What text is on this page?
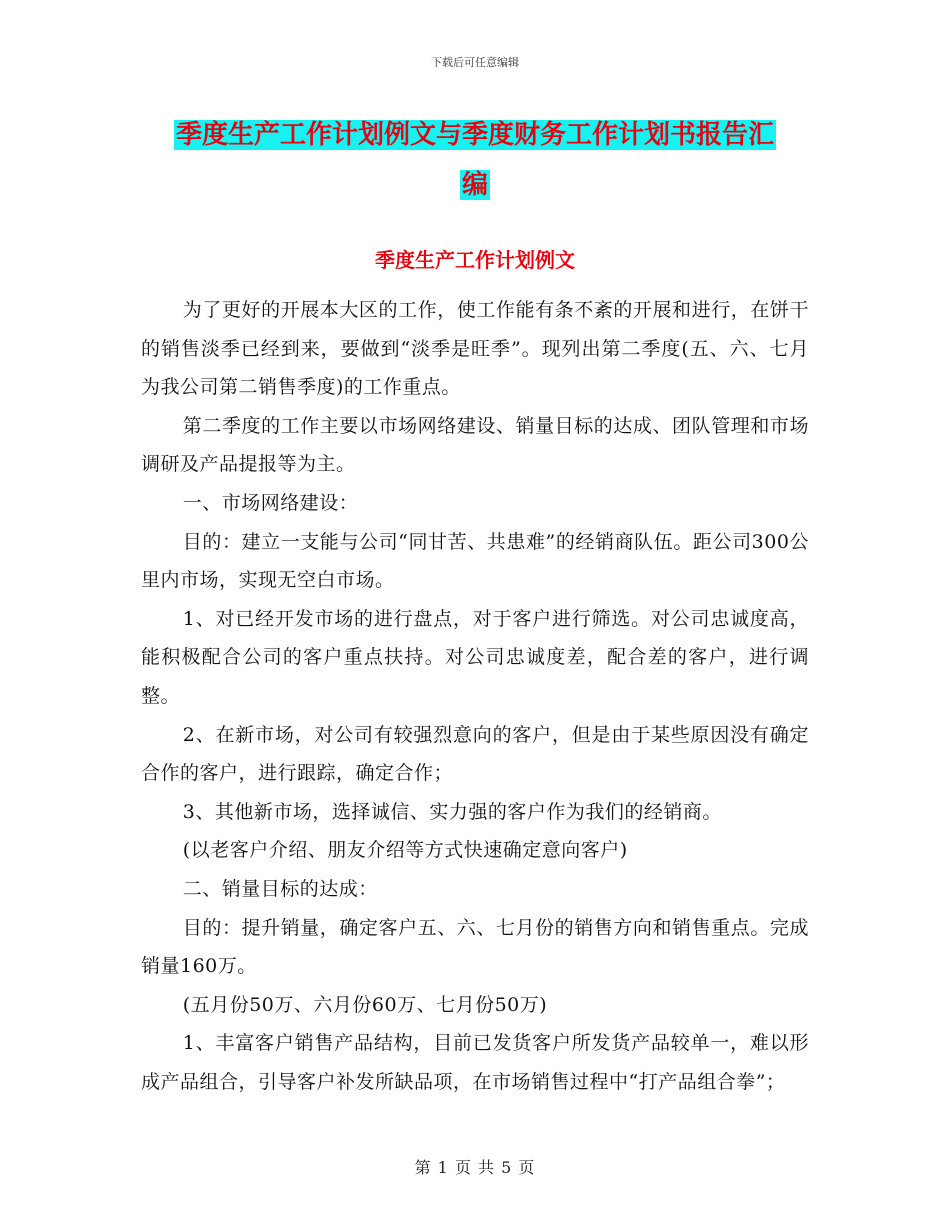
下载后可任意编辑
季度生产工作计划例文与季度财务工作计划书报告汇
编
季度生产工作计划例文

为了更好的开展本大区的工作，使工作能有条不紊的开展和进行，在饼干的销售淡季已经到来，要做到“淡季是旺季”。现列出第二季度(五、六、七月为我公司第二销售季度)的工作重点。

第二季度的工作主要以市场网络建设、销量目标的达成、团队管理和市场调研及产品提报等为主。

一、市场网络建设：

目的：建立一支能与公司“同甘苦、共患难”的经销商队伍。距公司300公里内市场，实现无空白市场。

1、对已经开发市场的进行盘点，对于客户进行筛选。对公司忠诚度高，能积极配合公司的客户重点扶持。对公司忠诚度差，配合差的客户，进行调整。

2、在新市场，对公司有较强烈意向的客户，但是由于某些原因没有确定合作的客户，进行跟踪，确定合作；

3、其他新市场，选择诚信、实力强的客户作为我们的经销商。

(以老客户介绍、朋友介绍等方式快速确定意向客户)

二、销量目标的达成：

目的：提升销量，确定客户五、六、七月份的销售方向和销售重点。完成销量160万。

(五月份50万、六月份60万、七月份50万)

1、丰富客户销售产品结构，目前已发货客户所发货产品较单一，难以形成产品组合，引导客户补发所缺品项，在市场销售过程中“打产品组合拳”；

第 1 页 共 5 页
